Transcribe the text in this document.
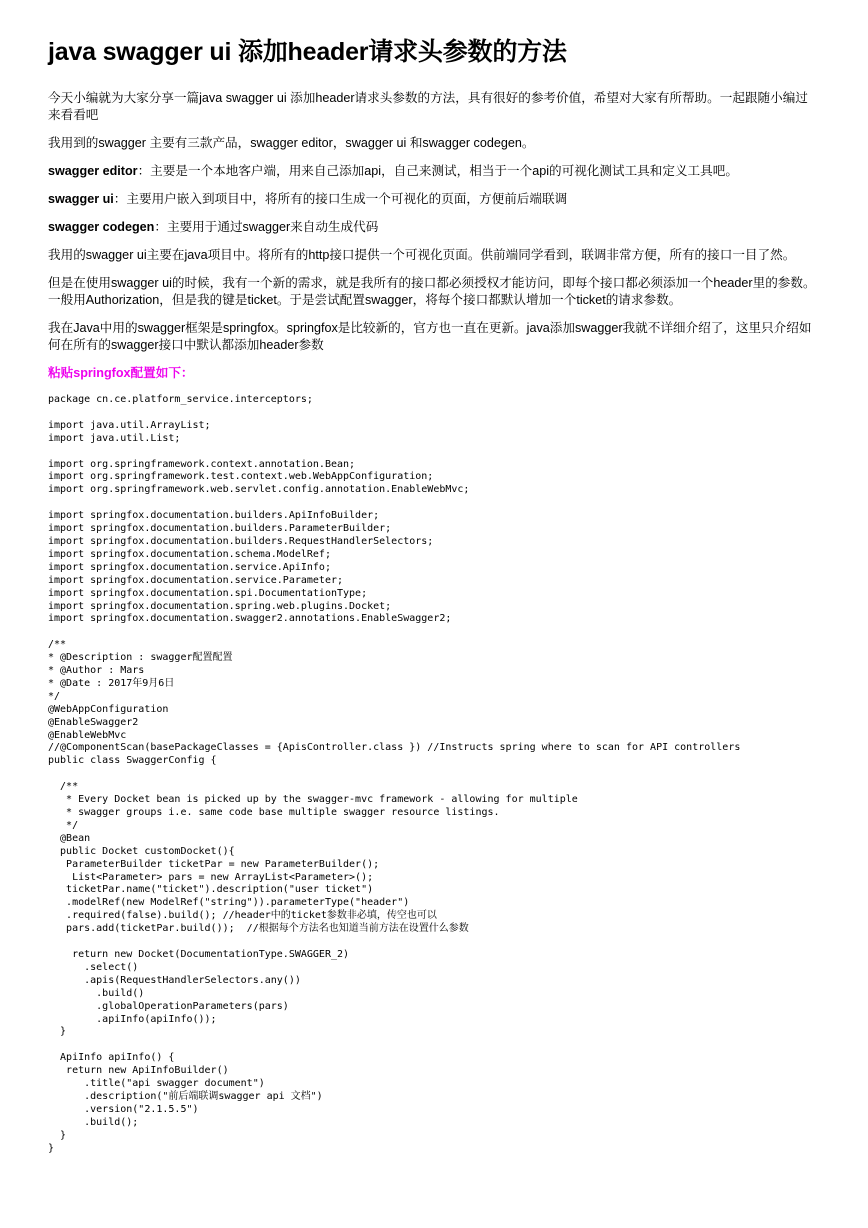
java swagger ui 添加header请求头参数的方法

今天小编就为大家分享一篇java swagger ui 添加header请求头参数的方法，具有很好的参考价值，希望对大家有所帮助。一起跟随小编过来看看吧

我用到的swagger 主要有三款产品，swagger editor，swagger ui 和swagger codegen。

swagger editor：主要是一个本地客户端，用来自己添加api，自己来测试，相当于一个api的可视化测试工具和定义工具吧。

swagger ui：主要用户嵌入到项目中，将所有的接口生成一个可视化的页面，方便前后端联调

swagger codegen：主要用于通过swagger来自动生成代码

我用的swagger ui主要在java项目中。将所有的http接口提供一个可视化页面。供前端同学看到，联调非常方便，所有的接口一目了然。

但是在使用swagger ui的时候，我有一个新的需求，就是我所有的接口都必须授权才能访问，即每个接口都必须添加一个header里的参数。一般用Authorization，但是我的键是ticket。于是尝试配置swagger，将每个接口都默认增加一个ticket的请求参数。

我在Java中用的swagger框架是springfox。springfox是比较新的，官方也一直在更新。java添加swagger我就不详细介绍了，这里只介绍如何在所有的swagger接口中默认都添加header参数

粘贴springfox配置如下：

package cn.ce.platform_service.interceptors;

import java.util.ArrayList;
import java.util.List;

import org.springframework.context.annotation.Bean;
import org.springframework.test.context.web.WebAppConfiguration;
import org.springframework.web.servlet.config.annotation.EnableWebMvc;

import springfox.documentation.builders.ApiInfoBuilder;
import springfox.documentation.builders.ParameterBuilder;
import springfox.documentation.builders.RequestHandlerSelectors;
import springfox.documentation.schema.ModelRef;
import springfox.documentation.service.ApiInfo;
import springfox.documentation.service.Parameter;
import springfox.documentation.spi.DocumentationType;
import springfox.documentation.spring.web.plugins.Docket;
import springfox.documentation.swagger2.annotations.EnableSwagger2;

/**
* @Description : swagger配置配置
* @Author : Mars
* @Date : 2017年9月6日
*/
@WebAppConfiguration
@EnableSwagger2
@EnableWebMvc
//@ComponentScan(basePackageClasses = {ApisController.class }) //Instructs spring where to scan for API controllers
public class SwaggerConfig {

/**
* Every Docket bean is picked up by the swagger-mvc framework - allowing for multiple
* swagger groups i.e. same code base multiple swagger resource listings.
*/
@Bean
public Docket customDocket(){
ParameterBuilder ticketPar = new ParameterBuilder();
List<Parameter> pars = new ArrayList<Parameter>();
ticketPar.name("ticket").description("user ticket")
.modelRef(new ModelRef("string")).parameterType("header")
.required(false).build(); //header中的ticket参数非必填，传空也可以
pars.add(ticketPar.build());  //根据每个方法名也知道当前方法在设置什么参数

return new Docket(DocumentationType.SWAGGER_2)
.select()
.apis(RequestHandlerSelectors.any())
.build()
.globalOperationParameters(pars)
.apiInfo(apiInfo());
}

ApiInfo apiInfo() {
return new ApiInfoBuilder()
.title("api swagger document")
.description("前后端联调swagger api 文档")
.version("2.1.5.5")
.build();
}
}
